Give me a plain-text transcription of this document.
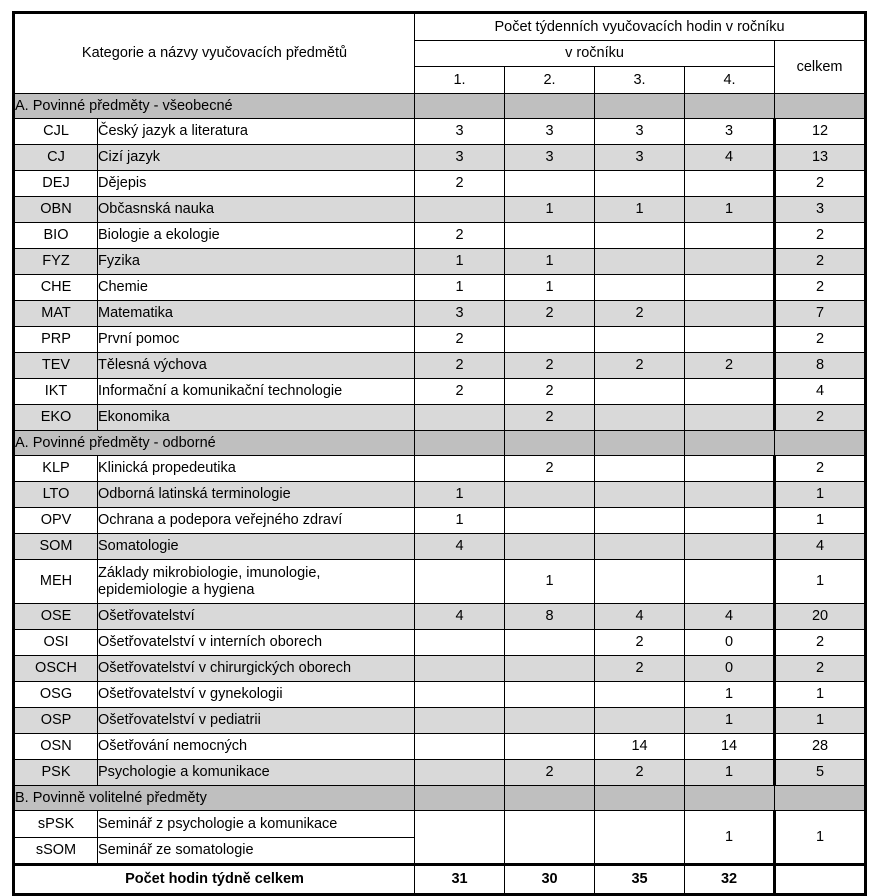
Kategorie a názvy vyučovacích předmětů		Počet týdenních vyučovacích hodin v ročníku				
		v ročníku				celkem
		1.	2.	3.	4.	
A. Povinné předměty - všeobecné						
CJL	Český jazyk a literatura	3	3	3	3	12
CJ	Cizí jazyk	3	3	3	4	13
DEJ	Dějepis	2				2
OBN	Občasnská nauka		1	1	1	3
BIO	Biologie a ekologie	2				2
FYZ	Fyzika	1	1			2
CHE	Chemie	1	1			2
MAT	Matematika	3	2	2		7
PRP	První pomoc	2				2
TEV	Tělesná výchova	2	2	2	2	8
IKT	Informační a komunikační technologie	2	2			4
EKO	Ekonomika		2			2
A. Povinné předměty - odborné						
KLP	Klinická propedeutika		2			2
LTO	Odborná latinská terminologie	1				1
OPV	Ochrana a podepora veřejného zdraví	1				1
SOM	Somatologie	4				4
MEH	Základy mikrobiologie, imunologie,
epidemiologie a hygiena		1			1
OSE	Ošetřovatelství	4	8	4	4	20
OSI	Ošetřovatelství v interních oborech			2	0	2
OSCH	Ošetřovatelství v chirurgických oborech			2	0	2
OSG	Ošetřovatelství v gynekologii				1	1
OSP	Ošetřovatelství v pediatrii				1	1
OSN	Ošetřování nemocných			14	14	28
PSK	Psychologie a komunikace		2	2	1	5
B. Povinně volitelné předměty						
sPSK	Seminář z psychologie a komunikace				1	1
sSOM	Seminář ze somatologie					
Počet hodin týdně celkem		31	30	35	32	
